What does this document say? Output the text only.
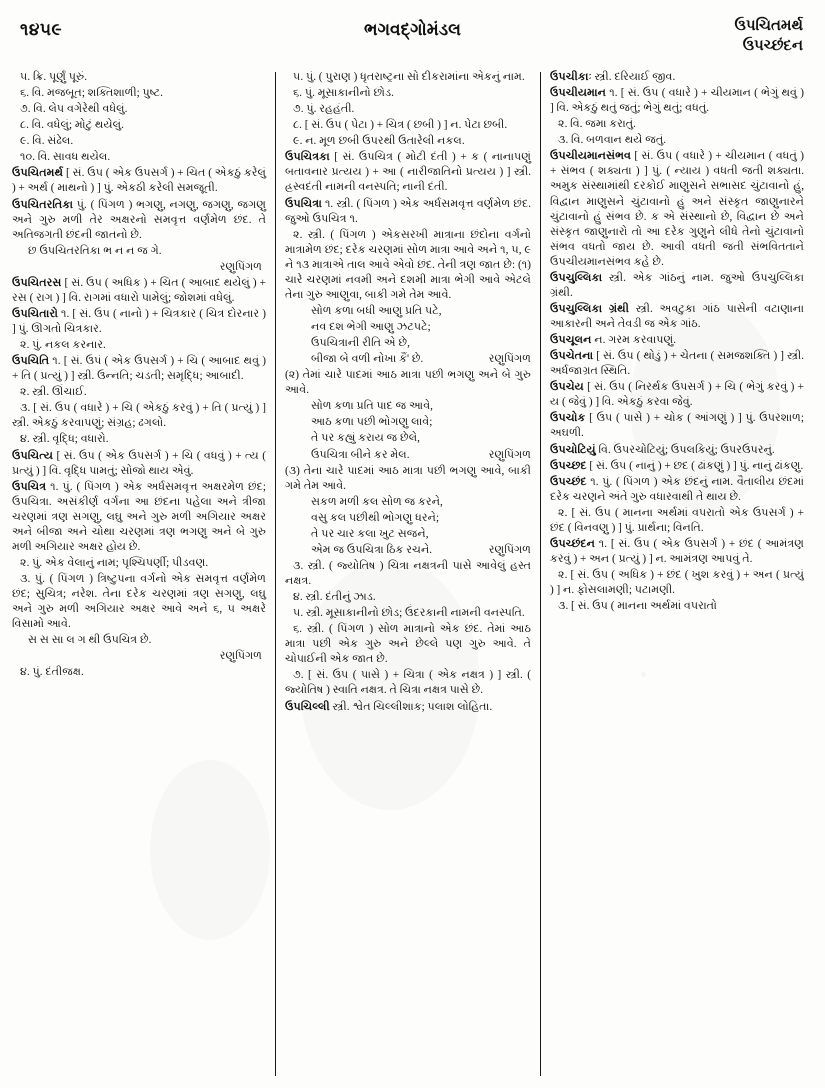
૧૪૫૯	ભગવદ્ગોમંડલ	ઉપચિતમર્થ
ઉપચ્છંદન

૫. ક્રિ. પૂર્ણું પૂરું.

૬. વિ. મજબૂત; શક્તિશાળી; પુષ્ટ.

૭. વિ. લેપ વગેરેથી વધેલું.

૮. વિ. વધેલું; મોટું થયેલું.

૯. વિ. સંઢેલ.

૧૦. વિ. સાવધ થયેલ.

ઉપચિતમર્થ [ સં. ઉપ ( એક ઉપસર્ગ ) + ચિત ( એકઠું કરેલું ) + અર્થ ( માથનો ) ] પું. એકઠી કરેલી સમજૂતી.

ઉપચિતરતિકા પું. ( પિંગળ ) ભગણુ, નગણુ, જગણુ, જગણુ અને ગુરુ મળી તેર અક્ષરનો સમવૃત્ત વર્ણમેળ છંદ. તે અતિજગતી છંદની જાતનો છે.

છ ઉપચિતરતિકા ભ ન ન જ ગે.

રણુપિંગળ

ઉપચિતરસ [ સં. ઉપ ( અધિક ) + ચિત ( આબાદ થયેલું ) + રસ ( રાગ ) ] વિ. રાગમાં વધારો પામેલું; જોશમાં વધેલું.

ઉપચિતારો ૧. [ સં. ઉપ ( નાનો ) + ચિત્રકાર ( ચિત્ર દોરનાર ) ] પું. ઊગતો ચિત્રકાર.

૨. પું. નકલ કરનાર.

ઉપચિતિ ૧. [ સં. ઉપં ( એક ઉપસર્ગ ) + ચિ ( આબાદ થવું ) + તિ ( પ્રત્યું ) ] સ્ત્રી. ઉન્નતિ; ચડતી; સમૃદ્ધિ; આબાદી.

૨. સ્ત્રી. ઊંચાઈ.

૩. [ સં. ઉપ ( વધારે ) + ચિ ( એકઠું કરવું ) + તિ ( પ્રત્યું ) ] સ્ત્રી. એકઠું કરવાપણું; સંગ્રહ; ઢગલો.

૪. સ્ત્રી. વૃદ્ધિ; વધારો.

ઉપચિત્ય [ સં. ઉપ ( એક ઉપસર્ગ ) + ચિ ( વધવું ) + ત્ય ( પ્રત્યું ) ] વિ. વૃદ્ધિ પામતું; સોજો થાય એવું.

ઉપચિત્ર ૧. પું. ( પિંગળ ) એક અર્ધસમવૃત્ત અક્ષરમેળ છંદ; ઉપચિત્રા. અસંકીર્ણ વર્ગના આ છંદના પહેલા અને ત્રીજા ચરણમાં ત્રણ સગણુ, લઘુ અને ગુરુ મળી અગિયાર અક્ષર અને બીજા અને ચોથા ચરણમાં ત્રણ ભગણુ અને બે ગુરુ મળી અગિયાર અક્ષર હોય છે.

૨. પું. એક વેલાનું નામ; પૃશ્ચિપર્ણી; પીડવણ.

૩. પું. ( પિંગળ ) ત્રિષ્ટુપના વર્ગનો એક સમવૃત્ત વર્ણમેળ છંદ; સુચિત્ર; નરેશ. તેના દરેક ચરણમાં ત્રણ સગણુ, લઘુ અને ગુરુ મળી અગિયાર અક્ષર આવે અને ૬, ૫ અક્ષરે વિસામો આવે.

સ સ સા લ ગ થી ઉપચિત્ર છે.

રણુપિંગળ

૪. પું. દંતીજ઼ક્ષ.

૫. પું. ( પુરાણ ) ધૃતરાષ્ટ્રના સો દીકરામાંના એકનું નામ.

૬. પું. મૂસાકાનીનો છોડ.

૭. પું. રહહંતી.

૮. [ સં. ઉપ ( પેટા ) + ચિત્ર ( છબી ) ] ન. પેટા છબી.

૯. ન. મૂળ છબી ઉપરથી ઉતારેલી નકલ.

ઉપચિત્રકા [ સં. ઉપચિત્ર ( મોટી દંતી ) + ક ( નાનાપણું બતાવનાર પ્રત્યય ) + આ ( નારીજાતિનો પ્રત્યય ) ] સ્ત્રી. હ્રસ્વદંતી નામની વનસ્પતિ; નાની દંતી.

ઉપચિત્રા ૧. સ્ત્રી. ( પિંગળ ) એક અર્ધસમવૃત્ત વર્ણમેળ છંદ. જુઓ ઉપચિત્ર ૧.

૨. સ્ત્રી. ( પિંગળ ) એકસરખી માત્રાના છંદોના વર્ગનો માત્રામેળ છંદ; દરેક ચરણમાં સોળ માત્રા આવે અને ૧, ૫, ૯ ને ૧૩ માત્રાએ તાલ આવે એવો છંદ. તેની ત્રણ જાત છે: (૧) ચારે ચરણમાં નવમી અને દશમી માત્રા ભેગી આવે એટલે તેના ગુરુ આણુવા, બાકી ગમે તેમ આવે.

સોળ કળા બધી આણુ પ્રતિ પટે,

નવ દશ ભેગી આણુ ઝટપટે;

ઉપચિત્રાની રીતિ એ છે,

રણુપિંગળ
બીજા બે વળી નોખા કૈં' છે.

(૨) તેમાં ચારે પાદમાં આઠ માત્રા પછી ભગણુ અને બે ગુરુ આવે.

સોળ કળા પ્રતિ પાદ જ આવે,

આઠ કળા પછી ભોગણુ લાવે;

તે પર કહ્યું કરાય જ છેલે,

રણુપિંગળ
ઉપચિત્રા બીને કર મેલ.

(૩) તેના ચારે પાદમાં આઠ માત્રા પછી ભગણુ આવે, બાકી ગમે તેમ આવે.

સકળ મળી કલ સોળ જ કરને,

વસુ કલ પછીથી ભોગણુ ધરને;

તે પર ચાર કલા ખુટ સજને,

રણુપિંગળ
એમ જ ઉપચિત્રા ઠિક રચને.

૩. સ્ત્રી. ( જ્યોતિષ ) ચિત્રા નક્ષત્રની પાસે આવેલું હસ્ત નક્ષત્ર.

૪. સ્ત્રી. દંતીનું ઝાડ.

૫. સ્ત્રી. મૂસાકાનીનો છોડ; ઉંદરકાની નામની વનસ્પતિ.

૬. સ્ત્રી. ( પિંગળ ) સોળ માત્રાનો એક છંદ. તેમાં આઠ માત્રા પછી એક ગુરુ અને છેલ્લે પણ ગુરુ આવે. તે ચોપાઈની એક જાત છે.

૭. [ સં. ઉપ ( પાસે ) + ચિત્રા ( એક નક્ષત્ર ) ] સ્ત્રી. ( જ્યોતિષ ) સ્વાતિ નક્ષત્ર. તે ચિત્રા નક્ષત્ર પાસે છે.

ઉપચિલ્લી સ્ત્રી. શ્વેત ચિલ્લીશાક; પલાશ લોહિતા.

ઉપચીકાઃ સ્ત્રી. દરિયાઈ જીવ.

ઉપચીયમાન ૧. [ સં. ઉપ ( વધારે ) + ચીયમાન ( ભેગું થવું ) ] વિ. એકઠું થતું જતું; ભેગું થતું; વધતું.

૨. વિ. જમા કરાતું.

૩. વિ. બળવાન થયે જતું.

ઉપચીયમાનસંભવ [ સં. ઉપ ( વધારે ) + ચીયમાન ( વધતું ) + સંભવ ( શક્યતા ) ] પું. ( ન્યાય ) વધતી જતી શક્યતા. અમુક સંસ્થામાંથી દરકોઈ માણુસને સભાસદ ચુંટાવાનો હું, વિદ્વાન માણુસને ચુંટાવાનો હું અને સંસ્કૃત જાણુનારને ચુંટાવાનો હું સંભવ છે. ક એ સંસ્થાનો છે, વિદ્વાન છે અને સંસ્કૃત જાણુનારો તો આ દરેક ગુણુને લીધે તેનો ચુંટાવાનો સંભવ વધતો જાય છે. આવી વધતી જતી સંભવિતતાને ઉપચીયમાનસંભવ કહે છે.

ઉપચુલ્લિકા સ્ત્રી. એક ગાંઠનું નામ. જુઓ ઉપચુલ્લિકા ગ્રંથી.

ઉપચુલ્લિકા ગ્રંથી સ્ત્રી. અવટુકા ગાંઠ પાસેની વટાણાના આકારની અને તેવડી જ એક ગાંઠ.

ઉપચૂલન ન. ગરમ કરવાપણું.

ઉપચેતના [ સં. ઉપ ( થોડું ) + ચેતના ( સમજશક્તિ ) ] સ્ત્રી. અર્ધજાગ્રત સ્થિતિ.

ઉપચેય [ સં. ઉપ ( નિરર્થક ઉપસર્ગ ) + ચિ ( ભેગું કરવું ) + ય ( જેવું ) ] વિ. એકઠું કરવા જેવું.

ઉપચોક [ ઉપ ( પાસે ) + ચોક ( આંગણું ) ] પું. ઉપરશાળ; અઘળી.

ઉપચોટિયું વિ. ઉપરચોટિયું; ઉપલકિયું; ઉપરઉપરનું.

ઉપચ્છદ [ સં. ઉપ ( નાનું ) + છદ ( ઢાંકણું ) ] પું. નાનું ઢાંકણુ.

ઉપચ્છંદ ૧. પું. ( પિંગળ ) એક છંદનું નામ. વૈતાલીય છંદમાં દરેક ચરણને અંતે ગુરુ વધારવાથી તે થાય છે.

૨. [ સં. ઉપ ( માનના અર્થમાં વપરાતો એક ઉપસર્ગ ) + છંદ ( વિનવણુ ) ] પું. પ્રાર્થના; વિનતિ.

ઉપચ્છંદન ૧. [ સં. ઉપ ( એક ઉપસર્ગ ) + છંદ ( આમંત્રણ કરવું ) + અન ( પ્રત્યું ) ] ન. આમંત્રણ આપવું તે.

૨. [ સં. ઉપ ( અધિક ) + છંદ ( ખુશ કરવું ) + અન ( પ્રત્યું ) ] ન. ફોસલામણી; પટામણી.

૩. [ સં. ઉપ ( માનના અર્થમાં વપરાતો
